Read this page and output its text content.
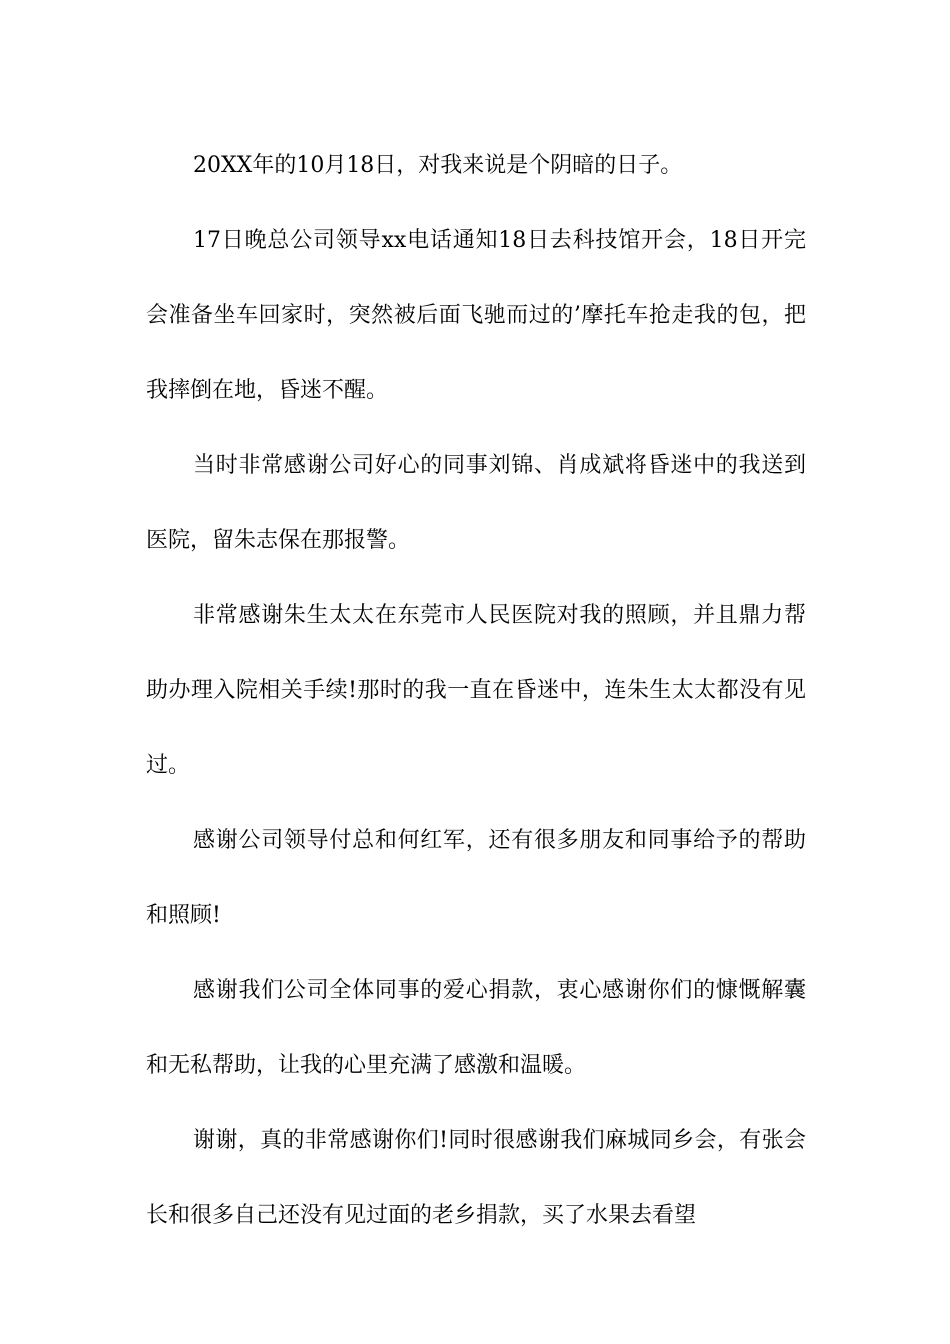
20XX年的10月18日，对我来说是个阴暗的日子。

17日晚总公司领导xx电话通知18日去科技馆开会，18日开完会准备坐车回家时，突然被后面飞驰而过的’摩托车抢走我的包，把我摔倒在地，昏迷不醒。

当时非常感谢公司好心的同事刘锦、肖成斌将昏迷中的我送到医院，留朱志保在那报警。

非常感谢朱生太太在东莞市人民医院对我的照顾，并且鼎力帮助办理入院相关手续!那时的我一直在昏迷中，连朱生太太都没有见过。

感谢公司领导付总和何红军，还有很多朋友和同事给予的帮助和照顾!

感谢我们公司全体同事的爱心捐款，衷心感谢你们的慷慨解囊和无私帮助，让我的心里充满了感激和温暖。

谢谢，真的非常感谢你们!同时很感谢我们麻城同乡会，有张会长和很多自己还没有见过面的老乡捐款，买了水果去看望
